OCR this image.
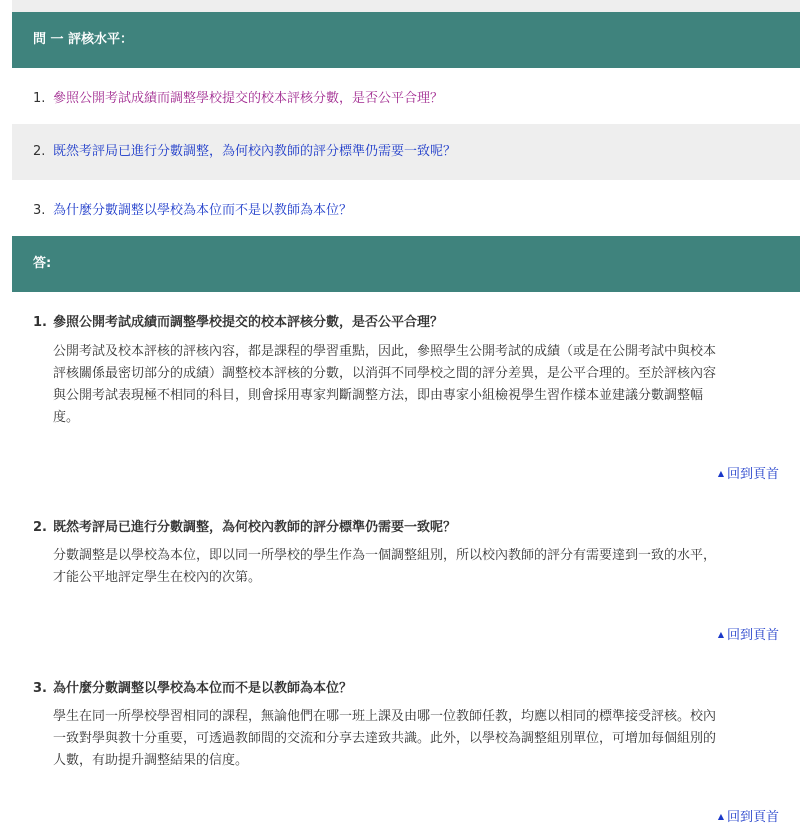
問 一 評核水平：
1. 參照公開考試成績而調整學校提交的校本評核分數，是否公平合理？
2. 既然考評局已進行分數調整，為何校內教師的評分標準仍需要一致呢？
3. 為什麼分數調整以學校為本位而不是以教師為本位？
答:
1. 參照公開考試成績而調整學校提交的校本評核分數，是否公平合理？
公開考試及校本評核的評核內容，都是課程的學習重點，因此，參照學生公開考試的成績（或是在公開考試中與校本
評核關係最密切部分的成績）調整校本評核的分數，以消弭不同學校之間的評分差異，是公平合理的。至於評核內容
與公開考試表現極不相同的科目，則會採用專家判斷調整方法，即由專家小組檢視學生習作樣本並建議分數調整幅
度。
▲ 回到頁首
2. 既然考評局已進行分數調整，為何校內教師的評分標準仍需要一致呢？
分數調整是以學校為本位，即以同一所學校的學生作為一個調整組別，所以校內教師的評分有需要達到一致的水平，
才能公平地評定學生在校內的次第。
▲ 回到頁首
3. 為什麼分數調整以學校為本位而不是以教師為本位？
學生在同一所學校學習相同的課程，無論他們在哪一班上課及由哪一位教師任教，均應以相同的標準接受評核。校內
一致對學與教十分重要，可透過教師間的交流和分享去達致共識。此外，以學校為調整組別單位，可增加每個組別的
人數，有助提升調整結果的信度。
▲ 回到頁首
